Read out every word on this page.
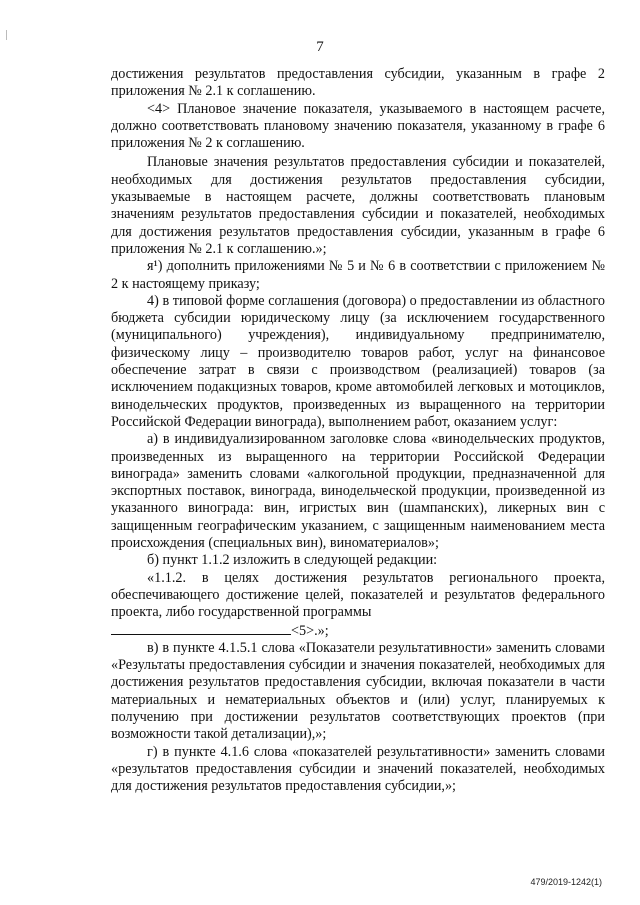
7

достижения результатов предоставления субсидии, указанным в графе 2 приложения № 2.1 к соглашению.

<4> Плановое значение показателя, указываемого в настоящем расчете, должно соответствовать плановому значению показателя, указанному в графе 6 приложения № 2 к соглашению.

Плановые значения результатов предоставления субсидии и показателей, необходимых для достижения результатов предоставления субсидии, указываемые в настоящем расчете, должны соответствовать плановым значениям результатов предоставления субсидии и показателей, необходимых для достижения результатов предоставления субсидии, указанным в графе 6 приложения № 2.1 к соглашению.»;

я¹) дополнить приложениями № 5 и № 6 в соответствии с приложением № 2 к настоящему приказу;

4) в типовой форме соглашения (договора) о предоставлении из областного бюджета субсидии юридическому лицу (за исключением государственного (муниципального) учреждения), индивидуальному предпринимателю, физическому лицу – производителю товаров работ, услуг на финансовое обеспечение затрат в связи с производством (реализацией) товаров (за исключением подакцизных товаров, кроме автомобилей легковых и мотоциклов, винодельческих продуктов, произведенных из выращенного на территории Российской Федерации винограда), выполнением работ, оказанием услуг:

а) в индивидуализированном заголовке слова «винодельческих продуктов, произведенных из выращенного на территории Российской Федерации винограда» заменить словами «алкогольной продукции, предназначенной для экспортных поставок, винограда, винодельческой продукции, произведенной из указанного винограда: вин, игристых вин (шампанских), ликерных вин с защищенным географическим указанием, с защищенным наименованием места происхождения (специальных вин), виноматериалов»;

б) пункт 1.1.2 изложить в следующей редакции:

«1.1.2. в целях достижения результатов регионального проекта, обеспечивающего достижение целей, показателей и результатов федерального проекта, либо государственной программы

<5>.»;

в) в пункте 4.1.5.1 слова «Показатели результативности» заменить словами «Результаты предоставления субсидии и значения показателей, необходимых для достижения результатов предоставления субсидии, включая показатели в части материальных и нематериальных объектов и (или) услуг, планируемых к получению при достижении результатов соответствующих проектов (при возможности такой детализации),»;

г) в пункте 4.1.6 слова «показателей результативности» заменить словами «результатов предоставления субсидии и значений показателей, необходимых для достижения результатов предоставления субсидии,»;

479/2019-1242(1)
